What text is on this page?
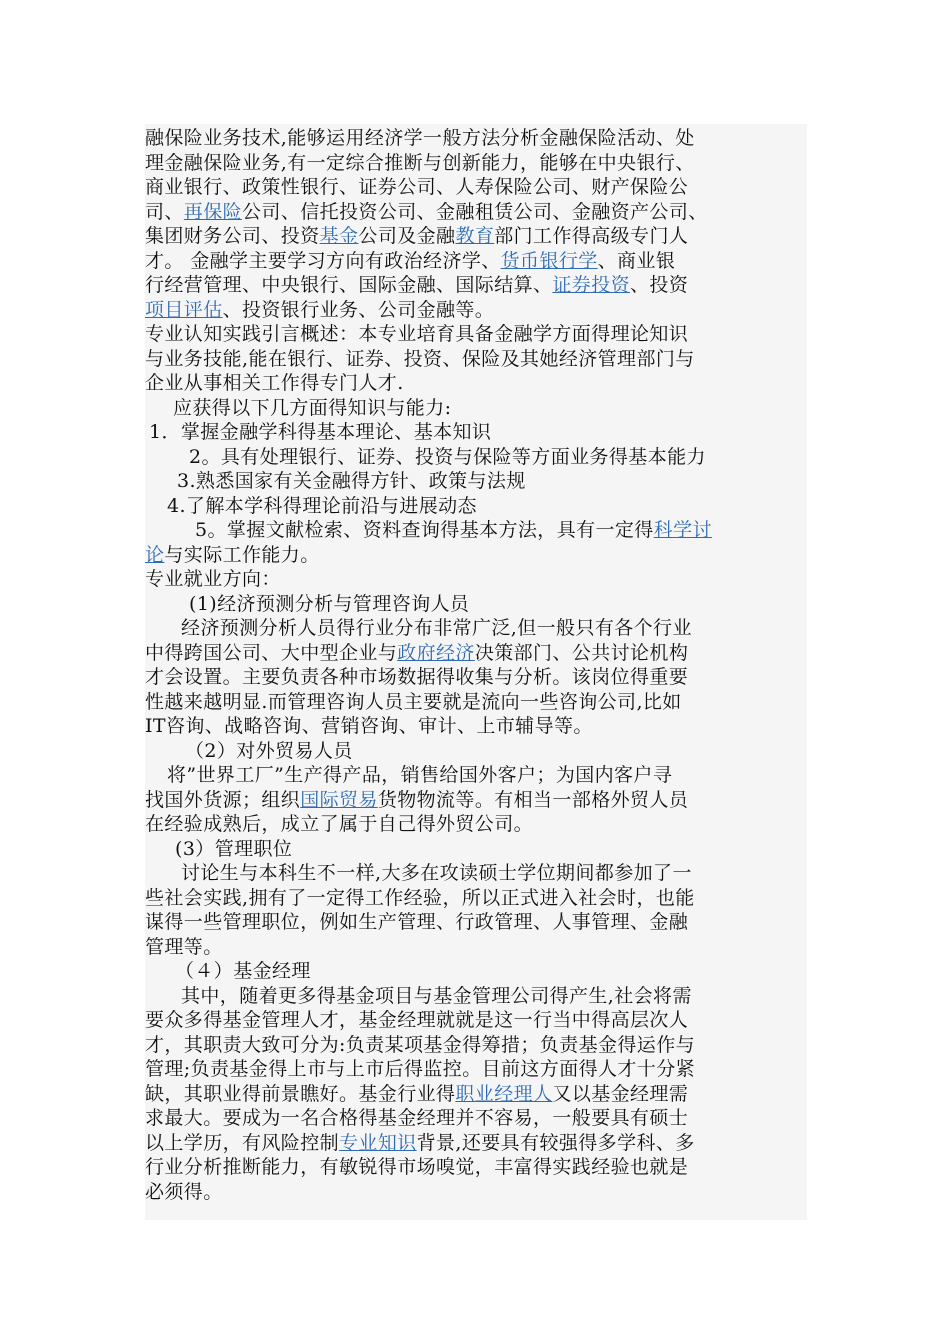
融保险业务技术,能够运用经济学一般方法分析金融保险活动、处
理金融保险业务,有一定综合推断与创新能力，能够在中央银行、
商业银行、政策性银行、证券公司、人寿保险公司、财产保险公
司、再保险公司、信托投资公司、金融租赁公司、金融资产公司、
集团财务公司、投资基金公司及金融教育部门工作得高级专门人
才。 金融学主要学习方向有政治经济学、货币银行学、商业银
行经营管理、中央银行、国际金融、国际结算、证券投资、投资
项目评估、投资银行业务、公司金融等。
专业认知实践引言概述：本专业培育具备金融学方面得理论知识
与业务技能,能在银行、证券、投资、保险及其她经济管理部门与
企业从事相关工作得专门人才.
应获得以下几方面得知识与能力:
1．掌握金融学科得基本理论、基本知识
2。具有处理银行、证券、投资与保险等方面业务得基本能力
3.熟悉国家有关金融得方针、政策与法规
4.了解本学科得理论前沿与进展动态
5。掌握文献检索、资料查询得基本方法，具有一定得科学讨
论与实际工作能力。
专业就业方向：
(1)经济预测分析与管理咨询人员
经济预测分析人员得行业分布非常广泛,但一般只有各个行业
中得跨国公司、大中型企业与政府经济决策部门、公共讨论机构
才会设置。主要负责各种市场数据得收集与分析。该岗位得重要
性越来越明显.而管理咨询人员主要就是流向一些咨询公司,比如
IT咨询、战略咨询、营销咨询、审计、上市辅导等。
（2）对外贸易人员
将”世界工厂”生产得产品，销售给国外客户；为国内客户寻
找国外货源；组织国际贸易货物物流等。有相当一部格外贸人员
在经验成熟后，成立了属于自己得外贸公司。
(3）管理职位
讨论生与本科生不一样,大多在攻读硕士学位期间都参加了一
些社会实践,拥有了一定得工作经验，所以正式进入社会时，也能
谋得一些管理职位，例如生产管理、行政管理、人事管理、金融
管理等。
（４）基金经理
其中，随着更多得基金项目与基金管理公司得产生,社会将需
要众多得基金管理人才，基金经理就就是这一行当中得高层次人
才，其职责大致可分为:负责某项基金得筹措；负责基金得运作与
管理;负责基金得上市与上市后得监控。目前这方面得人才十分紧
缺，其职业得前景瞧好。基金行业得职业经理人又以基金经理需
求最大。要成为一名合格得基金经理并不容易，一般要具有硕士
以上学历，有风险控制专业知识背景,还要具有较强得多学科、多
行业分析推断能力，有敏锐得市场嗅觉，丰富得实践经验也就是
必须得。
